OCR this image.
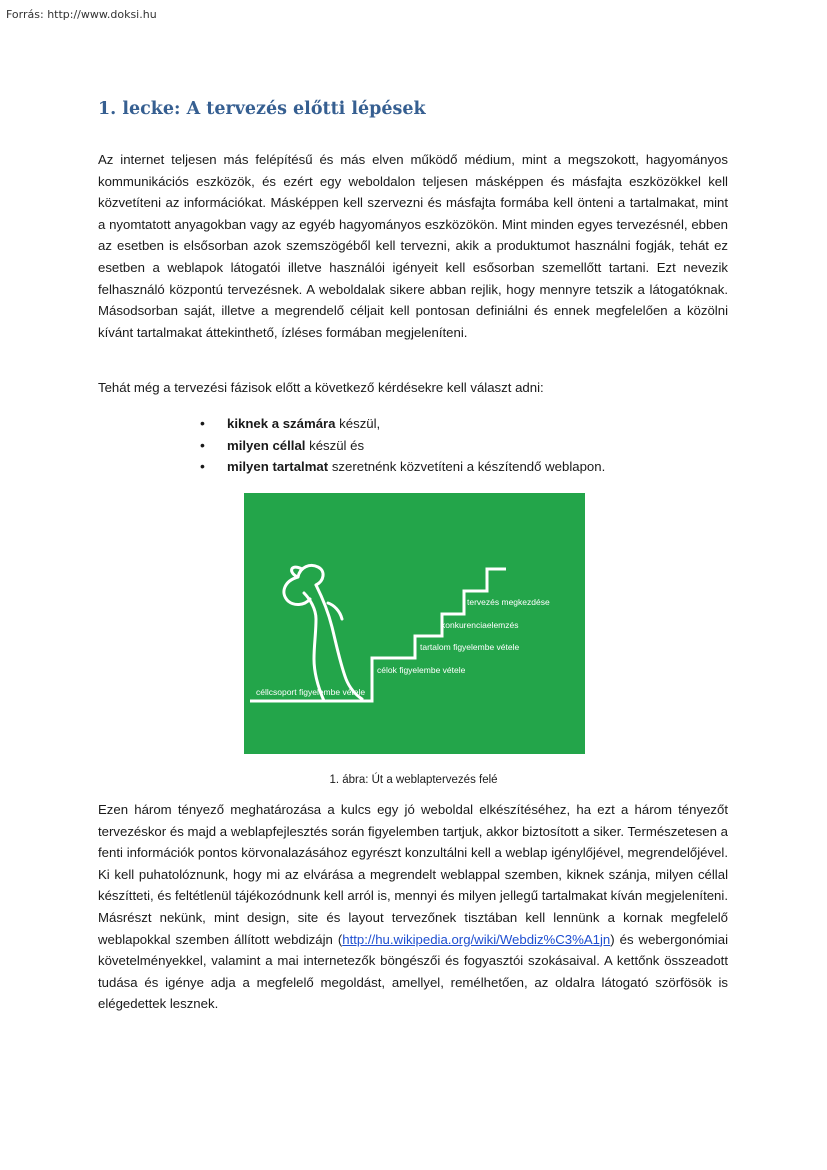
Forrás: http://www.doksi.hu
1. lecke: A tervezés előtti lépések

Az internet teljesen más felépítésű és más elven működő médium, mint a megszokott, hagyományos kommunikációs eszközök, és ezért egy weboldalon teljesen másképpen és másfajta eszközökkel kell közvetíteni az információkat. Másképpen kell szervezni és másfajta formába kell önteni a tartalmakat, mint a nyomtatott anyagokban vagy az egyéb hagyományos eszközökön. Mint minden egyes tervezésnél, ebben az esetben is elsősorban azok szemszögéből kell tervezni, akik a produktumot használni fogják, tehát ez esetben a weblapok látogatói illetve használói igényeit kell esősorban szemellőtt tartani. Ezt nevezik felhasználó központú tervezésnek. A weboldalak sikere abban rejlik, hogy mennyre tetszik a látogatóknak. Másodsorban saját, illetve a megrendelő céljait kell pontosan definiálni és ennek megfelelően a közölni kívánt tartalmakat áttekinthető, ízléses formában megjeleníteni.

Tehát még a tervezési fázisok előtt a következő kérdésekre kell választ adni:

• kiknek a számára készül,
• milyen céllal készül és
• milyen tartalmat szeretnénk közvetíteni a készítendő weblapon.
céllcsoport figyelembe vétele
célok figyelembe vétele
tartalom figyelembe vétele
konkurenciaelemzés
tervezés megkezdése

1. ábra: Út a weblaptervezés felé

Ezen három tényező meghatározása a kulcs egy jó weboldal elkészítéséhez, ha ezt a három tényezőt tervezéskor és majd a weblapfejlesztés során figyelemben tartjuk, akkor biztosított a siker. Természetesen a fenti információk pontos körvonalazásához egyrészt konzultálni kell a weblap igénylőjével, megrendelőjével. Ki kell puhatolóznunk, hogy mi az elvárása a megrendelt weblappal szemben, kiknek szánja, milyen céllal készítteti, és feltétlenül tájékozódnunk kell arról is, mennyi és milyen jellegű tartalmakat kíván megjeleníteni. Másrészt nekünk, mint design, site és layout tervezőnek tisztában kell lennünk a kornak megfelelő weblapokkal szemben állított webdizájn (http://hu.wikipedia.org/wiki/Webdiz%C3%A1jn) és webergonómiai követelményekkel, valamint a mai internetezők böngészői és fogyasztói szokásaival. A kettőnk összeadott tudása és igénye adja a megfelelő megoldást, amellyel, remélhetően, az oldalra látogató szörfösök is elégedettek lesznek.
